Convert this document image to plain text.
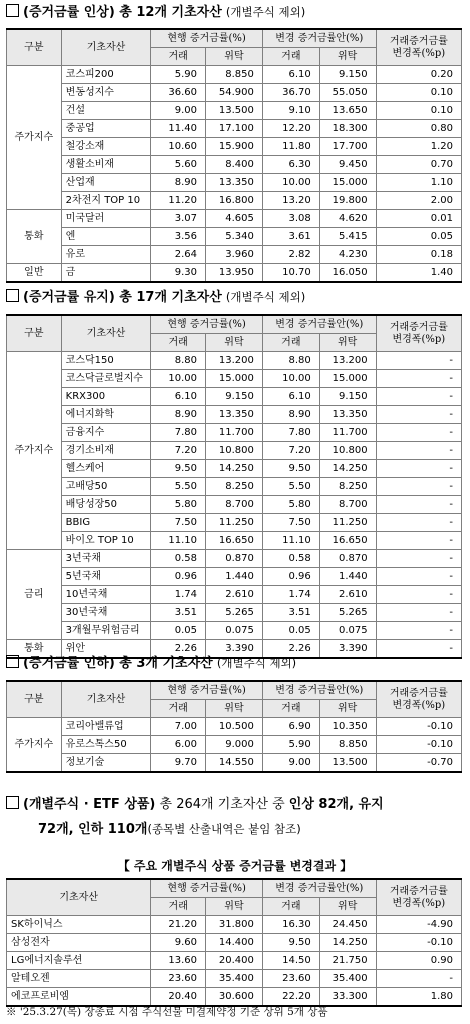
(증거금률 인상) 총 12개 기초자산 (개별주식 제외)
구분	기초자산	현행 증거금률(%)		변경 증거금률안(%)		거래증거금률
변경폭(%p)
		거래	위탁	거래	위탁	
주가지수	코스피200	5.90	8.850	6.10	9.150	0.20
	변동성지수	36.60	54.900	36.70	55.050	0.10
	건설	9.00	13.500	9.10	13.650	0.10
	중공업	11.40	17.100	12.20	18.300	0.80
	철강소재	10.60	15.900	11.80	17.700	1.20
	생활소비재	5.60	8.400	6.30	9.450	0.70
	산업재	8.90	13.350	10.00	15.000	1.10
	2차전지 TOP 10	11.20	16.800	13.20	19.800	2.00
통화	미국달러	3.07	4.605	3.08	4.620	0.01
	엔	3.56	5.340	3.61	5.415	0.05
	유로	2.64	3.960	2.82	4.230	0.18
일반	금	9.30	13.950	10.70	16.050	1.40
(증거금률 유지) 총 17개 기초자산 (개별주식 제외)
구분	기초자산	현행 증거금률(%)		변경 증거금률안(%)		거래증거금률
변경폭(%p)
		거래	위탁	거래	위탁	
주가지수	코스닥150	8.80	13.200	8.80	13.200	-
	코스닥글로벌지수	10.00	15.000	10.00	15.000	-
	KRX300	6.10	9.150	6.10	9.150	-
	에너지화학	8.90	13.350	8.90	13.350	-
	금융지수	7.80	11.700	7.80	11.700	-
	경기소비재	7.20	10.800	7.20	10.800	-
	헬스케어	9.50	14.250	9.50	14.250	-
	고배당50	5.50	8.250	5.50	8.250	-
	배당성장50	5.80	8.700	5.80	8.700	-
	BBIG	7.50	11.250	7.50	11.250	-
	바이오 TOP 10	11.10	16.650	11.10	16.650	-
금리	3년국채	0.58	0.870	0.58	0.870	-
	5년국채	0.96	1.440	0.96	1.440	-
	10년국채	1.74	2.610	1.74	2.610	-
	30년국채	3.51	5.265	3.51	5.265	-
	3개월무위험금리	0.05	0.075	0.05	0.075	-
통화	위안	2.26	3.390	2.26	3.390	-
(증거금률 인하) 총 3개 기초자산 (개별주식 제외)
구분	기초자산	현행 증거금률(%)		변경 증거금률안(%)		거래증거금률
변경폭(%p)
		거래	위탁	거래	위탁	
주가지수	코리아밸류업	7.00	10.500	6.90	10.350	-0.10
	유로스톡스50	6.00	9.000	5.90	8.850	-0.10
	정보기술	9.70	14.550	9.00	13.500	-0.70
(개별주식 · ETF 상품) 총 264개 기초자산 중 인상 82개, 유지
72개, 인하 110개(종목별 산출내역은 붙임 참조)
【 주요 개별주식 상품 증거금률 변경결과 】
기초자산	현행 증거금률(%)		변경 증거금률안(%)		거래증거금률
변경폭(%p)
	거래	위탁	거래	위탁	
SK하이닉스	21.20	31.800	16.30	24.450	-4.90
삼성전자	9.60	14.400	9.50	14.250	-0.10
LG에너지솔루션	13.60	20.400	14.50	21.750	0.90
알테오젠	23.60	35.400	23.60	35.400	-
에코프로비엠	20.40	30.600	22.20	33.300	1.80
※ '25.3.27(목) 장종료 시점 주식선물 미결제약정 기준 상위 5개 상품
